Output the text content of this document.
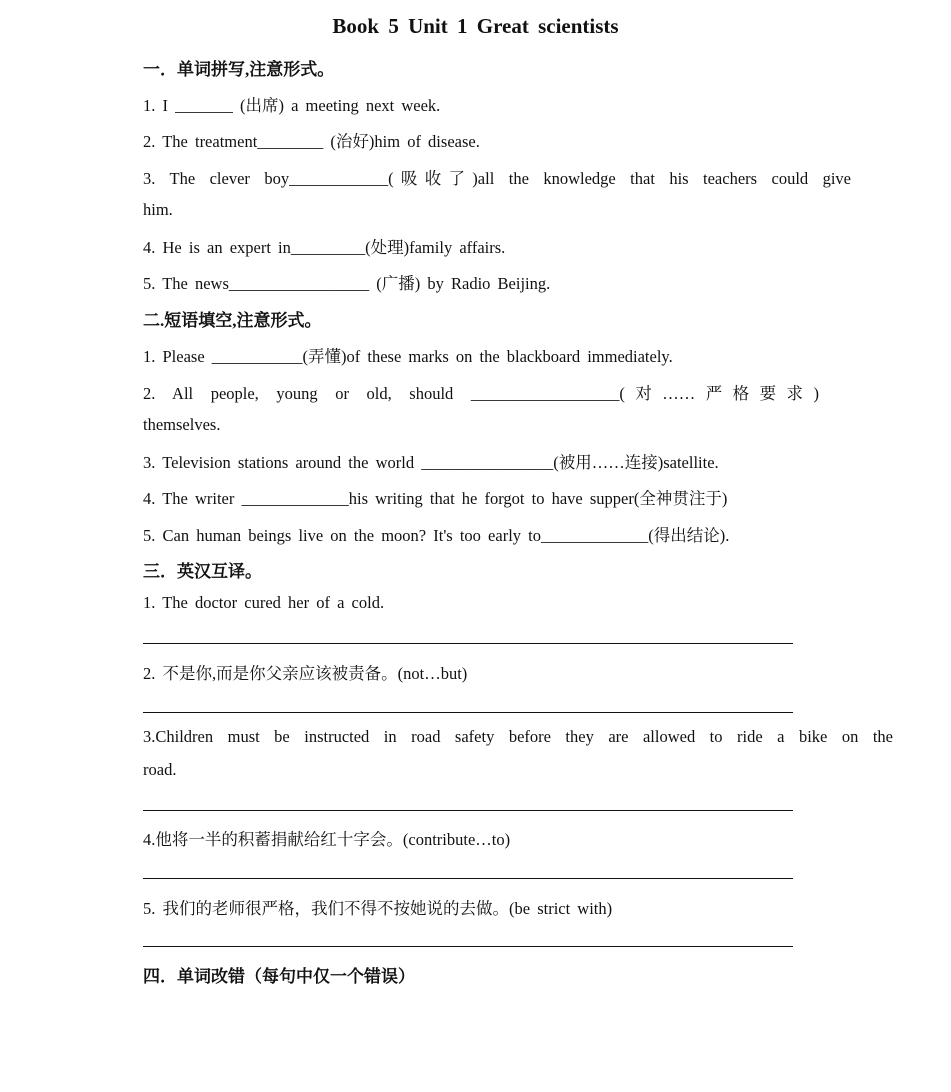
Book 5 Unit 1 Great scientists
一．单词拼写,注意形式。
1. I _______ (出席) a meeting next week.
2. The treatment________ (治好)him of disease.
3. The clever boy____________(吸收了)all the knowledge that his teachers could give
him.
4. He is an expert in_________(处理)family affairs.
5. The news_________________ (广播) by Radio Beijing.
二.短语填空,注意形式。
1. Please ___________(弄懂)of these marks on the blackboard immediately.
2. All people, young or old, should __________________(对……严格要求)
themselves.
3. Television stations around the world ________________(被用……连接)satellite.
4. The writer _____________his writing that he forgot to have supper(全神贯注于)
5. Can human beings live on the moon? It's too early to_____________(得出结论).
三．英汉互译。
1. The doctor cured her of a cold.
2. 不是你,而是你父亲应该被责备。(not…but)
3.Children must be instructed in road safety before they are allowed to ride a bike on the
road.
4.他将一半的积蓄捐献给红十字会。(contribute…to)
5. 我们的老师很严格，我们不得不按她说的去做。(be strict with)
四．单词改错（每句中仅一个错误）
